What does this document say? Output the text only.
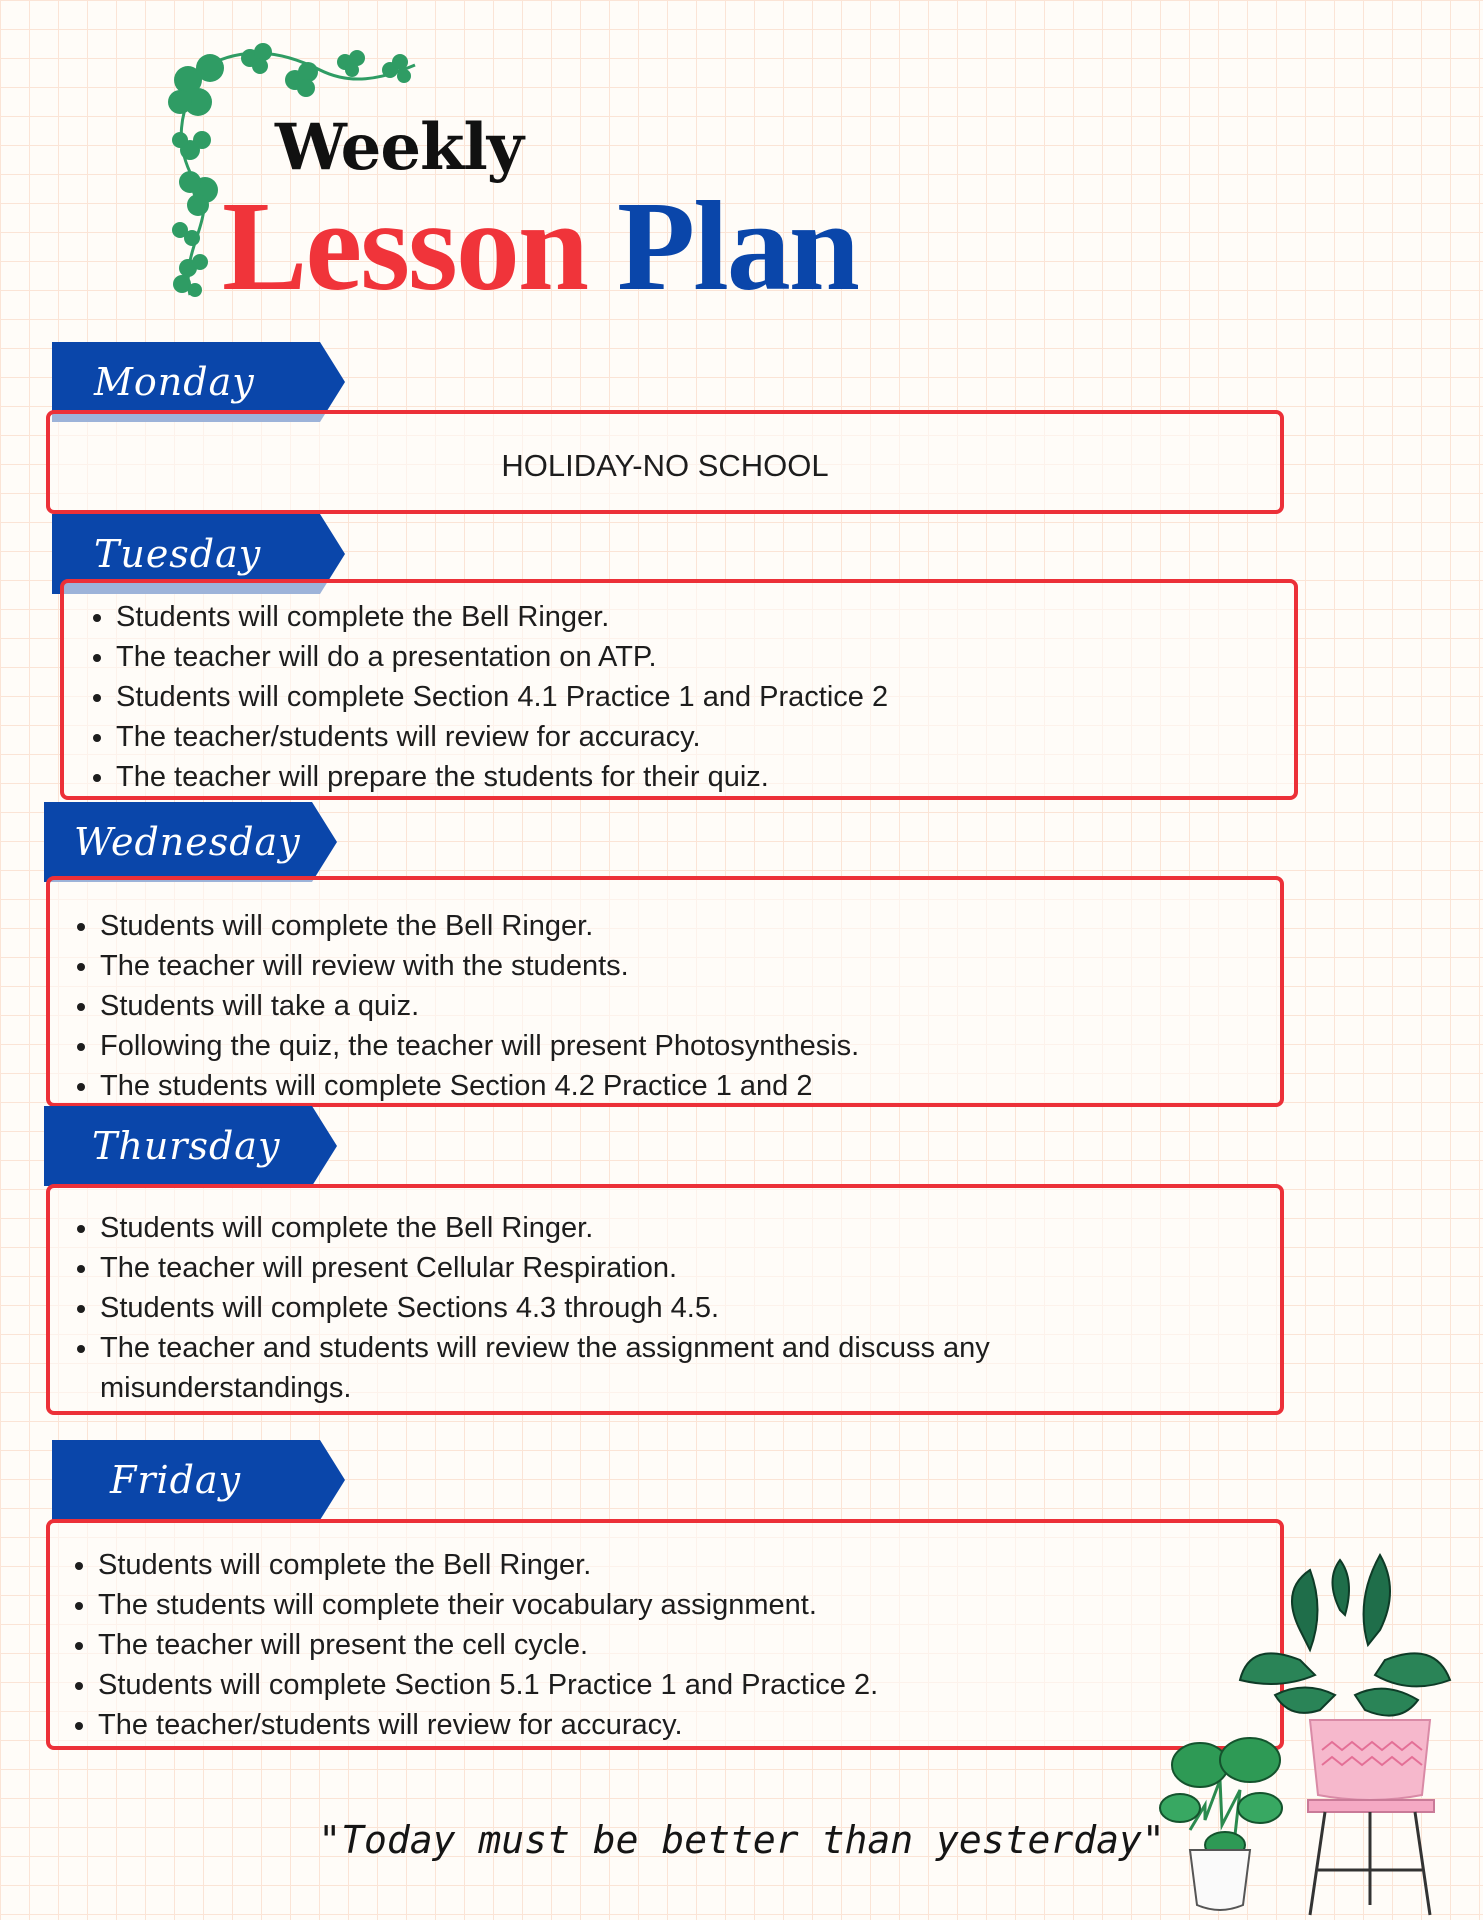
Weekly
Lesson Plan
Monday
HOLIDAY-NO SCHOOL
Tuesday
• Students will complete the Bell Ringer.
• The teacher will do a presentation on ATP.
• Students will complete Section 4.1 Practice 1 and Practice 2
• The teacher/students will review for accuracy.
• The teacher will prepare the students for their quiz.
Wednesday
• Students will complete the Bell Ringer.
• The teacher will review with the students.
• Students will take a quiz.
• Following the quiz, the teacher will present Photosynthesis.
• The students will complete Section 4.2 Practice 1 and 2
Thursday
• Students will complete the Bell Ringer.
• The teacher will present Cellular Respiration.
• Students will complete Sections 4.3 through 4.5.
• The teacher and students will review the assignment and discuss any misunderstandings.
Friday
• Students will complete the Bell Ringer.
• The students will complete their vocabulary assignment.
• The teacher will present the cell cycle.
• Students will complete Section 5.1 Practice 1 and Practice 2.
• The teacher/students will review for accuracy.

"Today must be better than yesterday"
